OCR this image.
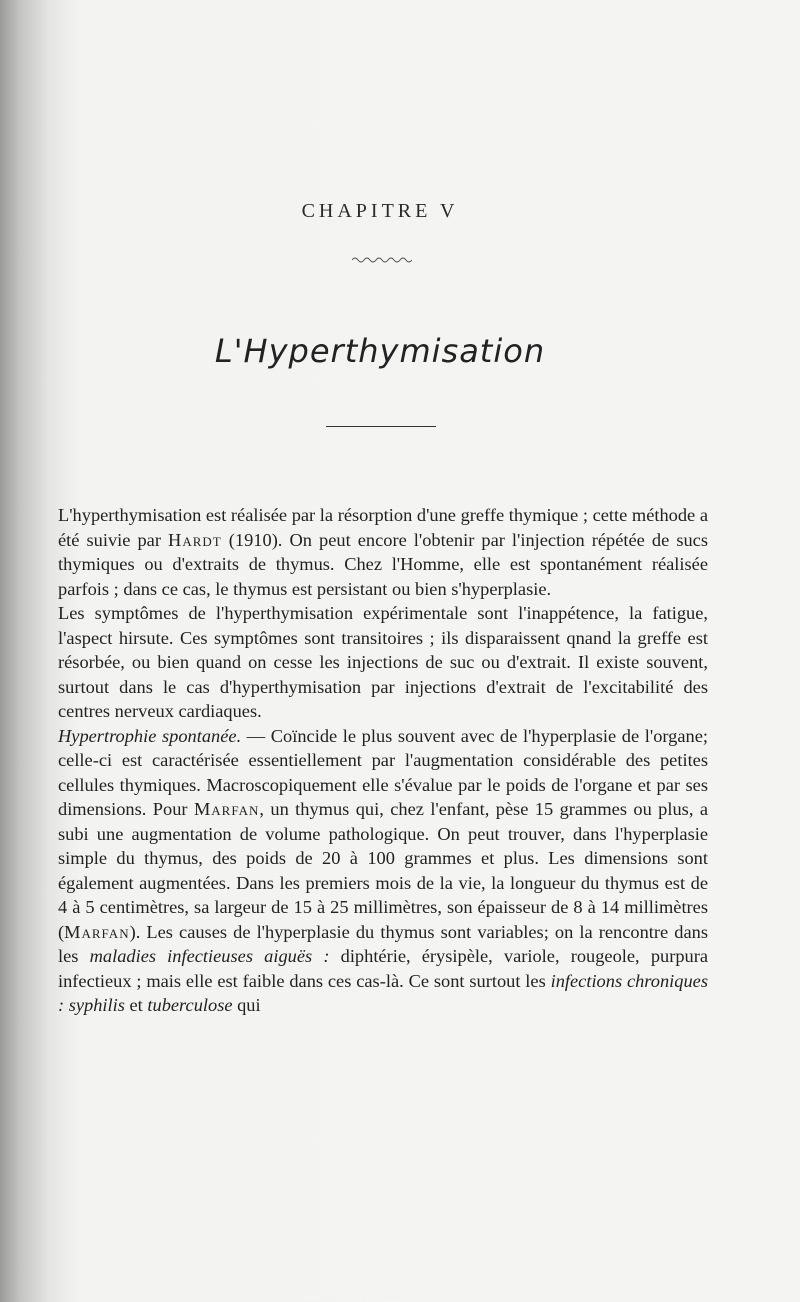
CHAPITRE V
L'Hyperthymisation

L'hyperthymisation est réalisée par la résorption d'une greffe thymique ; cette méthode a été suivie par Hardt (1910). On peut encore l'obtenir par l'injection répétée de sucs thymiques ou d'extraits de thymus. Chez l'Homme, elle est spontanément réalisée parfois ; dans ce cas, le thymus est persistant ou bien s'hyperplasie.

Les symptômes de l'hyperthymisation expérimentale sont l'inappétence, la fatigue, l'aspect hirsute. Ces symptômes sont transitoires ; ils disparaissent qnand la greffe est résorbée, ou bien quand on cesse les injections de suc ou d'extrait. Il existe souvent, surtout dans le cas d'hyperthymisation par injections d'extrait de l'excitabilité des centres nerveux cardiaques.

Hypertrophie spontanée. — Coïncide le plus souvent avec de l'hyperplasie de l'organe; celle-ci est caractérisée essentiellement par l'augmentation considérable des petites cellules thymiques. Macroscopiquement elle s'évalue par le poids de l'organe et par ses dimensions. Pour Marfan, un thymus qui, chez l'enfant, pèse 15 grammes ou plus, a subi une augmentation de volume pathologique. On peut trouver, dans l'hyperplasie simple du thymus, des poids de 20 à 100 grammes et plus. Les dimensions sont également augmentées. Dans les premiers mois de la vie, la longueur du thymus est de 4 à 5 centimètres, sa largeur de 15 à 25 millimètres, son épaisseur de 8 à 14 millimètres (Marfan). Les causes de l'hyperplasie du thymus sont variables; on la rencontre dans les maladies infectieuses aiguës : diphtérie, érysipèle, variole, rougeole, purpura infectieux ; mais elle est faible dans ces cas-là. Ce sont surtout les infections chroniques : syphilis et tuberculose qui
